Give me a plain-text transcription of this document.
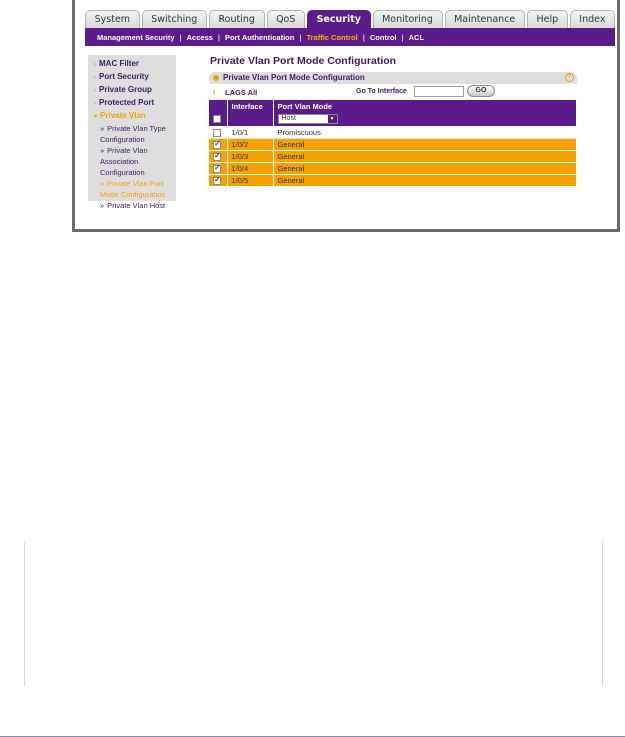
System	Switching	Routing	QoS	Security	Monitoring	Maintenance	Help	Index
Management Security | Access | Port Authentication | Traffic Control | Control | ACL
› MAC Filter
› Port Security
› Private Group
› Protected Port
▾ Private Vlan
» Private Vlan Type
Configuration
» Private Vlan
Association
Configuration
» Private Vlan Port
Mode Configuration
» Private Vlan Host
Private Vlan Port Mode Configuration
Private Vlan Port Mode Configuration	?
i LAGS All	Go To Interface	GO
	Interface	Port Vlan Mode
		Host ▼

	1/0/1	Promiscuous
✓	1/0/2	General
✓	1/0/3	General
✓	1/0/4	General
✓	1/0/5	General
